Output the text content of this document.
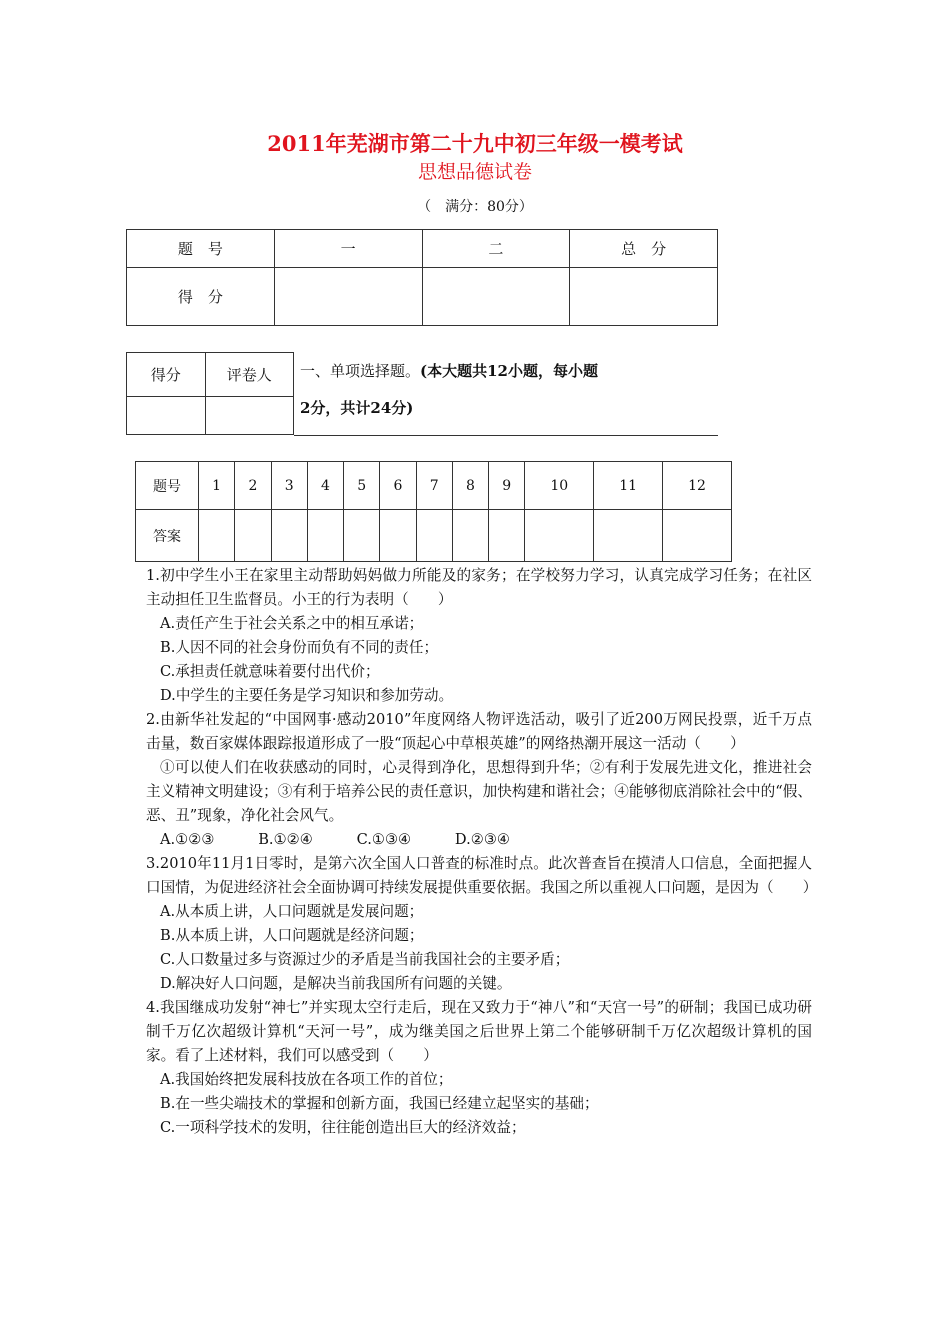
2011年芜湖市第二十九中初三年级一模考试
思想品德试卷
（　满分：80分）
题　号	一	二	总　分
得　分			
得分	评卷人
	一、单项选择题。(本大题共12小题，每小题
2分，共计24分)
题号	1	2	3	4	5	6	7	8	9	10	11	12
答案												

1.初中学生小王在家里主动帮助妈妈做力所能及的家务；在学校努力学习，认真完成学习任务；在社区主动担任卫生监督员。小王的行为表明（　　）

A.责任产生于社会关系之中的相互承诺；

B.人因不同的社会身份而负有不同的责任；

C.承担责任就意味着要付出代价；

D.中学生的主要任务是学习知识和参加劳动。

2.由新华社发起的“中国网事·感动2010”年度网络人物评选活动，吸引了近200万网民投票，近千万点击量，数百家媒体跟踪报道形成了一股“顶起心中草根英雄”的网络热潮开展这一活动（　　）

①可以使人们在收获感动的同时，心灵得到净化，思想得到升华；②有利于发展先进文化，推进社会主义精神文明建设；③有利于培养公民的责任意识，加快构建和谐社会；④能够彻底消除社会中的“假、恶、丑”现象，净化社会风气。

A.①②③　　　B.①②④　　　C.①③④　　　D.②③④

3.2010年11月1日零时，是第六次全国人口普查的标准时点。此次普查旨在摸清人口信息，全面把握人口国情，为促进经济社会全面协调可持续发展提供重要依据。我国之所以重视人口问题，是因为（　　）

A.从本质上讲，人口问题就是发展问题；

B.从本质上讲，人口问题就是经济问题；

C.人口数量过多与资源过少的矛盾是当前我国社会的主要矛盾；

D.解决好人口问题，是解决当前我国所有问题的关键。

4.我国继成功发射“神七”并实现太空行走后，现在又致力于“神八”和“天宫一号”的研制；我国已成功研制千万亿次超级计算机“天河一号”，成为继美国之后世界上第二个能够研制千万亿次超级计算机的国家。看了上述材料，我们可以感受到（　　）

A.我国始终把发展科技放在各项工作的首位；

B.在一些尖端技术的掌握和创新方面，我国已经建立起坚实的基础；

C.一项科学技术的发明，往往能创造出巨大的经济效益；
